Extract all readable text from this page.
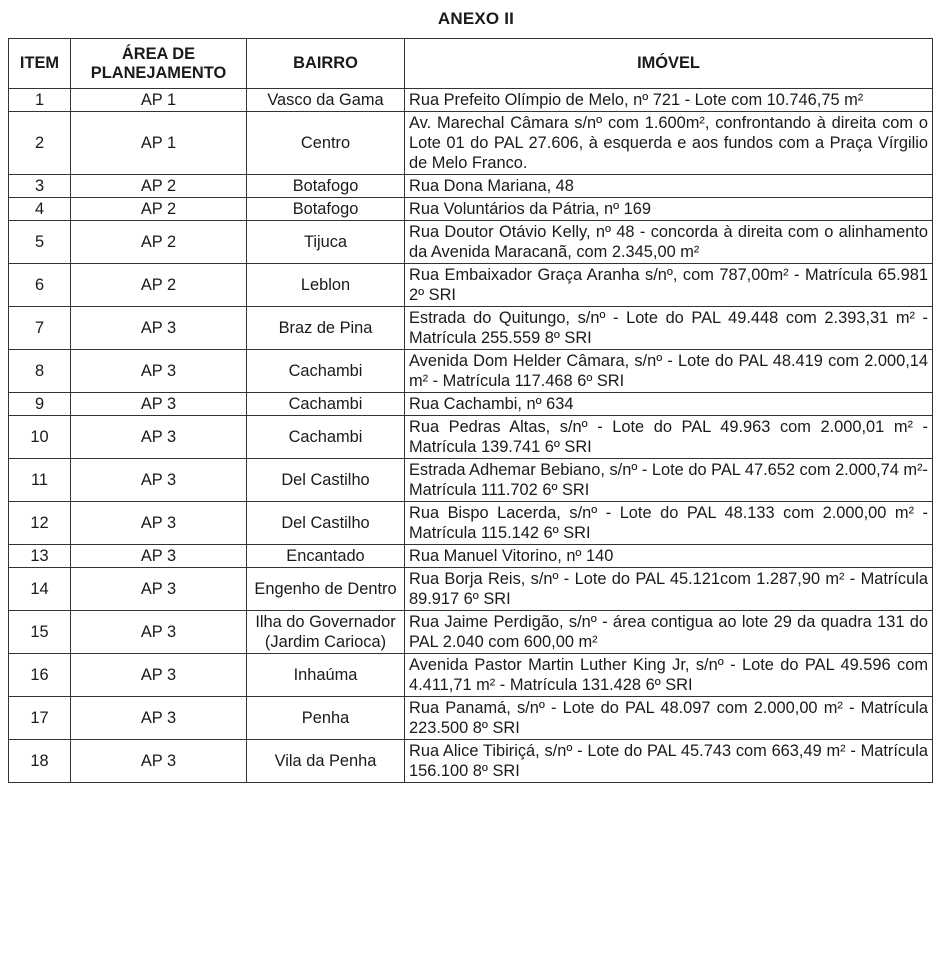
ANEXO II
ITEM	ÁREA DE PLANEJAMENTO	BAIRRO	IMÓVEL
1	AP 1	Vasco da Gama	Rua Prefeito Olímpio de Melo, nº 721 - Lote com 10.746,75 m²
2	AP 1	Centro	Av. Marechal Câmara s/nº com 1.600m², confrontando à direita com o Lote 01 do PAL 27.606, à esquerda e aos fundos com a Praça Vírgilio de Melo Franco.
3	AP 2	Botafogo	Rua Dona Mariana, 48
4	AP 2	Botafogo	Rua Voluntários da Pátria, nº 169
5	AP 2	Tijuca	Rua Doutor Otávio Kelly, nº 48 - concorda à direita com o alinhamento da Avenida Maracanã, com 2.345,00 m²
6	AP 2	Leblon	Rua Embaixador Graça Aranha s/nº, com 787,00m² - Matrícula 65.981 2º SRI
7	AP 3	Braz de Pina	Estrada do Quitungo, s/nº - Lote do PAL 49.448 com 2.393,31 m² - Matrícula 255.559 8º SRI
8	AP 3	Cachambi	Avenida Dom Helder Câmara, s/nº - Lote do PAL 48.419 com 2.000,14 m² - Matrícula 117.468 6º SRI
9	AP 3	Cachambi	Rua Cachambi, nº 634
10	AP 3	Cachambi	Rua Pedras Altas, s/nº - Lote do PAL 49.963 com 2.000,01 m² - Matrícula 139.741 6º SRI
11	AP 3	Del Castilho	Estrada Adhemar Bebiano, s/nº - Lote do PAL 47.652 com 2.000,74 m²- Matrícula 111.702 6º SRI
12	AP 3	Del Castilho	Rua Bispo Lacerda, s/nº - Lote do PAL 48.133 com 2.000,00 m² - Matrícula 115.142 6º SRI
13	AP 3	Encantado	Rua Manuel Vitorino, nº 140
14	AP 3	Engenho de Dentro	Rua Borja Reis, s/nº - Lote do PAL 45.121com 1.287,90 m² - Matrícula 89.917 6º SRI
15	AP 3	Ilha do Governador (Jardim Carioca)	Rua Jaime Perdigão, s/nº - área contigua ao lote 29 da quadra 131 do PAL 2.040 com 600,00 m²
16	AP 3	Inhaúma	Avenida Pastor Martin Luther King Jr, s/nº - Lote do PAL 49.596 com 4.411,71 m² - Matrícula 131.428 6º SRI
17	AP 3	Penha	Rua Panamá, s/nº - Lote do PAL 48.097 com 2.000,00 m² - Matrícula 223.500 8º SRI
18	AP 3	Vila da Penha	Rua Alice Tibiriçá, s/nº - Lote do PAL 45.743 com 663,49 m² - Matrícula 156.100 8º SRI
